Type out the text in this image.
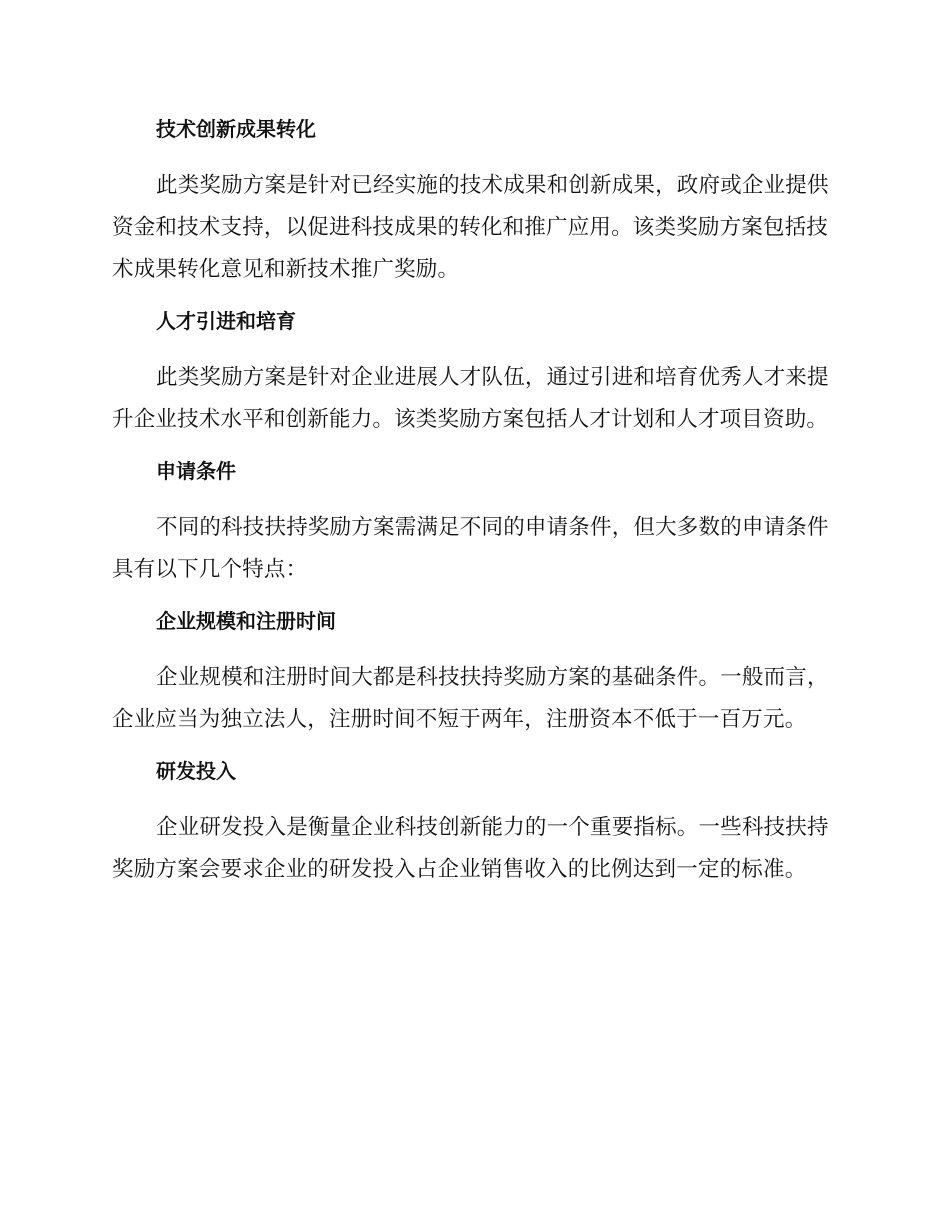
技术创新成果转化
此类奖励方案是针对已经实施的技术成果和创新成果，政府或企业提供
资金和技术支持，以促进科技成果的转化和推广应用。该类奖励方案包括技
术成果转化意见和新技术推广奖励。
人才引进和培育
此类奖励方案是针对企业进展人才队伍，通过引进和培育优秀人才来提
升企业技术水平和创新能力。该类奖励方案包括人才计划和人才项目资助。
申请条件
不同的科技扶持奖励方案需满足不同的申请条件，但大多数的申请条件
具有以下几个特点：
企业规模和注册时间
企业规模和注册时间大都是科技扶持奖励方案的基础条件。一般而言，
企业应当为独立法人，注册时间不短于两年，注册资本不低于一百万元。
研发投入
企业研发投入是衡量企业科技创新能力的一个重要指标。一些科技扶持
奖励方案会要求企业的研发投入占企业销售收入的比例达到一定的标准。
